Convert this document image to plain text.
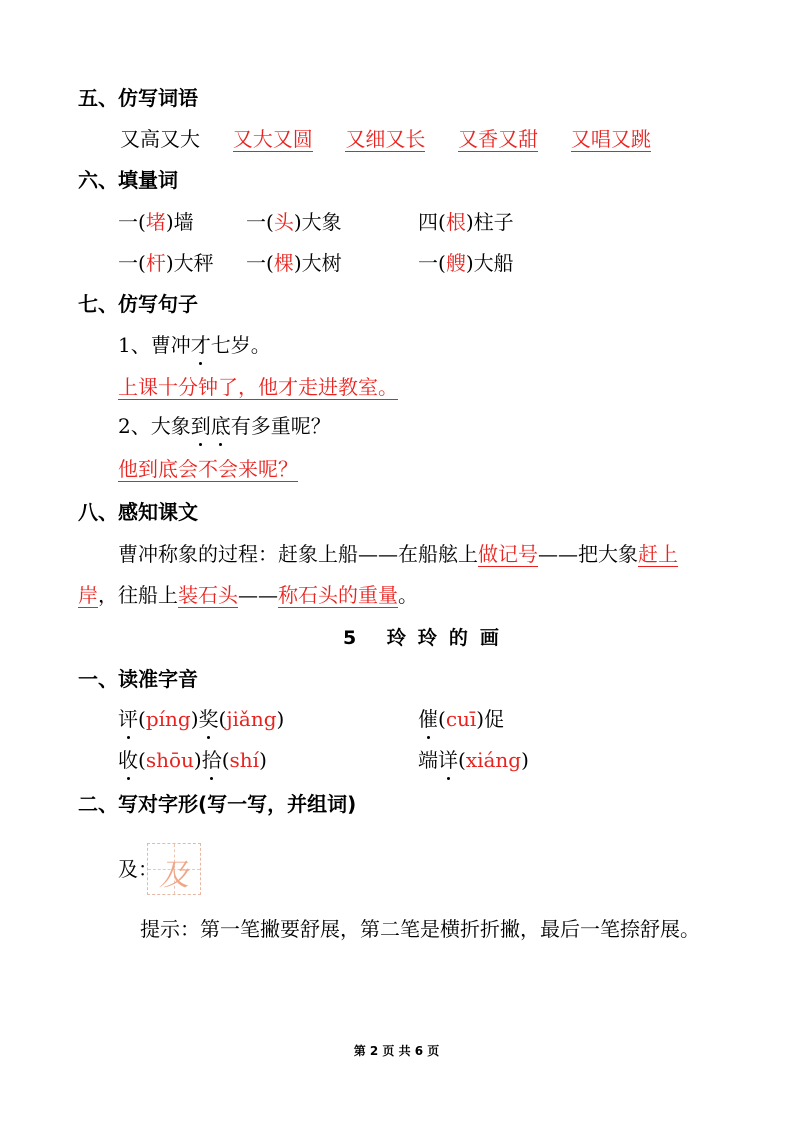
五、仿写词语
又高又大 又大又圆 又细又长 又香又甜 又唱又跳
六、填量词
一(堵)墙	一(头)大象	四(根)柱子
一(杆)大秤 一(棵)大树	一(艘)大船
七、仿写句子
1、曹冲才七岁。
上课十分钟了，他才走进教室。
2、大象到底有多重呢？
他到底会不会来呢？
八、感知课文
曹冲称象的过程：赶象上船——在船舷上做记号——把大象赶上
岸，往船上装石头——称石头的重量。
5 玲玲的画
一、读准字音
评(píng)奖(jiǎng)	催(cuī)促
收(shōu)拾(shí)	端详(xiáng)
二、写对字形(写一写，并组词)
及： 及
提示：第一笔撇要舒展，第二笔是横折折撇，最后一笔捺舒展。
第 2 页 共 6 页
